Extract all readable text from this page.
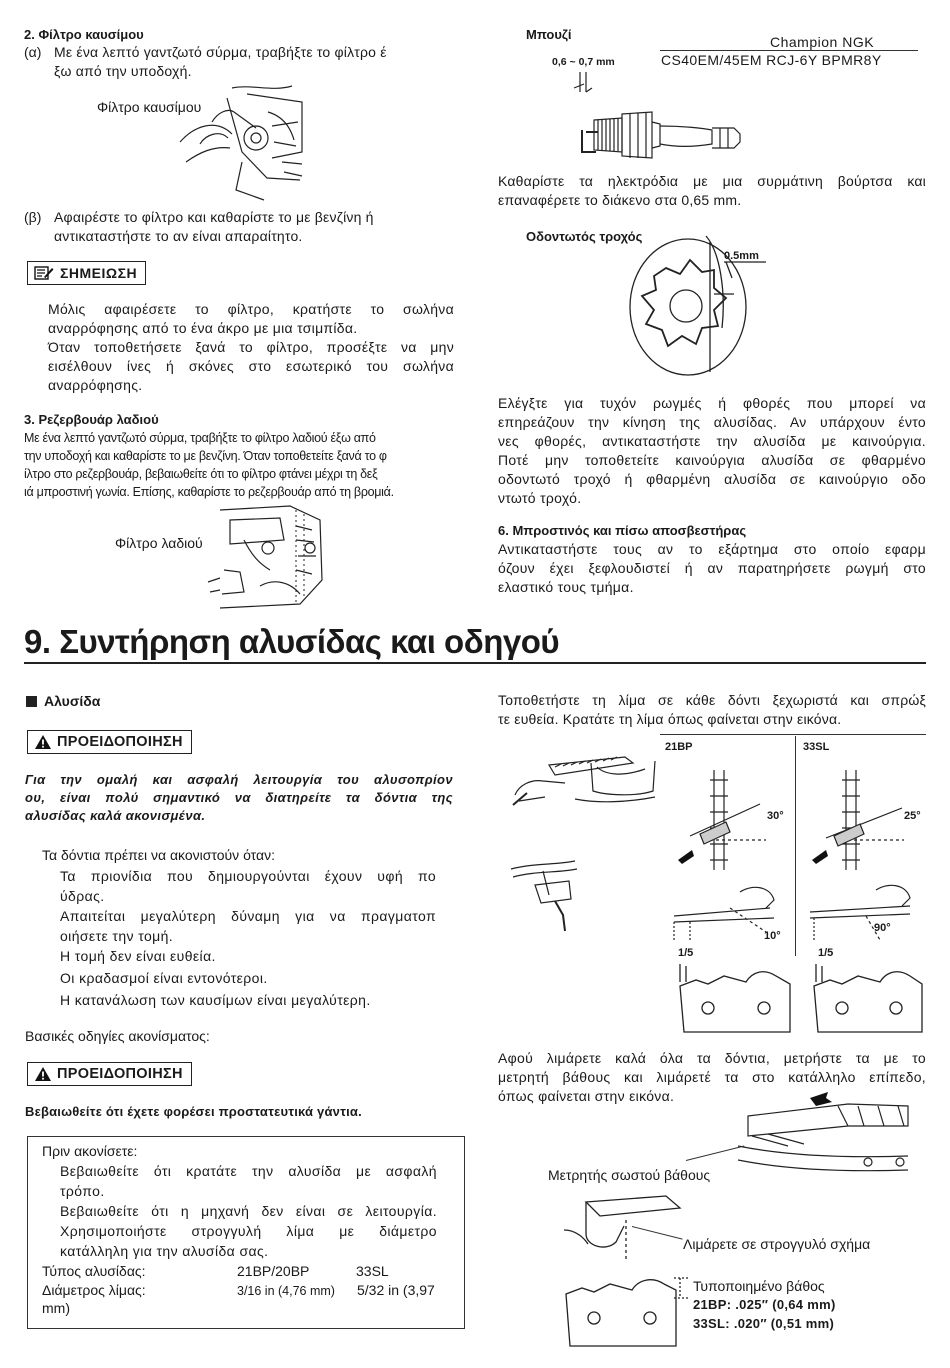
2. Φίλτρο καυσίμου
(α) Με ένα λεπτό γαντζωτό σύρμα, τραβήξτε το φίλτρο έ
ξω από την υποδοχή.
Φίλτρο καυσίμου
(β) Αφαιρέστε το φίλτρο και καθαρίστε το με βενζίνη ή
αντικαταστήστε το αν είναι απαραίτητο.
ΣΗΜΕΙΩΣΗ
Μόλις αφαιρέσετε το φίλτρο, κρατήστε το σωλήνα
αναρρόφησης από το ένα άκρο με μια τσιμπίδα.
Όταν τοποθετήσετε ξανά το φίλτρο, προσέξτε να μην
εισέλθουν ίνες ή σκόνες στο εσωτερικό του σωλήνα
αναρρόφησης.
3. Ρεζερβουάρ λαδιού
Με ένα λεπτό γαντζωτό σύρμα, τραβήξτε το φίλτρο λαδιού έξω από
την υποδοχή και καθαρίστε το με βενζίνη. Όταν τοποθετείτε ξανά το φ
ίλτρο στο ρεζερβουάρ, βεβαιωθείτε ότι το φίλτρο φτάνει μέχρι τη δεξ
ιά μπροστινή γωνία. Επίσης, καθαρίστε το ρεζερβουάρ από τη βρομιά.
Φίλτρο λαδιού
Μπουζί
0,6 ~ 0,7 mm
Champion NGK
CS40EM/45EM RCJ-6Y BPMR8Y
Καθαρίστε τα ηλεκτρόδια με μια συρμάτινη βούρτσα και
επαναφέρετε το διάκενο στα 0,65 mm.
Οδοντωτός τροχός
0.5mm
Ελέγξτε για τυχόν ρωγμές ή φθορές που μπορεί να
επηρεάζουν την κίνηση της αλυσίδας. Αν υπάρχουν έντο
νες φθορές, αντικαταστήστε την αλυσίδα με καινούργια.
Ποτέ μην τοποθετείτε καινούργια αλυσίδα σε φθαρμένο
οδοντωτό τροχό ή φθαρμένη αλυσίδα σε καινούργιο οδο
ντωτό τροχό.
6. Μπροστινός και πίσω αποσβεστήρας
Αντικαταστήστε τους αν το εξάρτημα στο οποίο εφαρμ
όζουν έχει ξεφλουδιστεί ή αν παρατηρήσετε ρωγμή στο
ελαστικό τους τμήμα.
9. Συντήρηση αλυσίδας και οδηγού
Αλυσίδα
ΠΡΟΕΙΔΟΠΟΙΗΣΗ
Για την ομαλή και ασφαλή λειτουργία του αλυσοπρίον
ου, είναι πολύ σημαντικό να διατηρείτε τα δόντια της
αλυσίδας καλά ακονισμένα.
Τα δόντια πρέπει να ακονιστούν όταν:
Τα πριονίδια που δημιουργούνται έχουν υφή πο
ύδρας.
Απαιτείται μεγαλύτερη δύναμη για να πραγματοπ
οιήσετε την τομή.
Η τομή δεν είναι ευθεία.
Οι κραδασμοί είναι εντονότεροι.
Η κατανάλωση των καυσίμων είναι μεγαλύτερη.
Βασικές οδηγίες ακονίσματος:
ΠΡΟΕΙΔΟΠΟΙΗΣΗ
Βεβαιωθείτε ότι έχετε φορέσει προστατευτικά γάντια.
Πριν ακονίσετε:
Βεβαιωθείτε ότι κρατάτε την αλυσίδα με ασφαλή
τρόπο.
Βεβαιωθείτε ότι η μηχανή δεν είναι σε λειτουργία.
Χρησιμοποιήστε στρογγυλή λίμα με διάμετρο
κατάλληλη για την αλυσίδα σας.
Τύπος αλυσίδας:	21BP/20BP	33SL
Διάμετρος λίμας:	3/16 in (4,76 mm) 5/32 in (3,97
mm)
Τοποθετήστε τη λίμα σε κάθε δόντι ξεχωριστά και σπρώξ
τε ευθεία. Κρατάτε τη λίμα όπως φαίνεται στην εικόνα.
21BP	33SL
30°	25°
10°
90°
1/5	1/5
Αφού λιμάρετε καλά όλα τα δόντια, μετρήστε τα με το
μετρητή βάθους και λιμάρετέ τα στο κατάλληλο επίπεδο,
όπως φαίνεται στην εικόνα.
Μετρητής σωστού βάθους
Λιμάρετε σε στρογγυλό σχήμα
Τυποποιημένο βάθος
21BP: .025″ (0,64 mm)
33SL: .020″ (0,51 mm)
